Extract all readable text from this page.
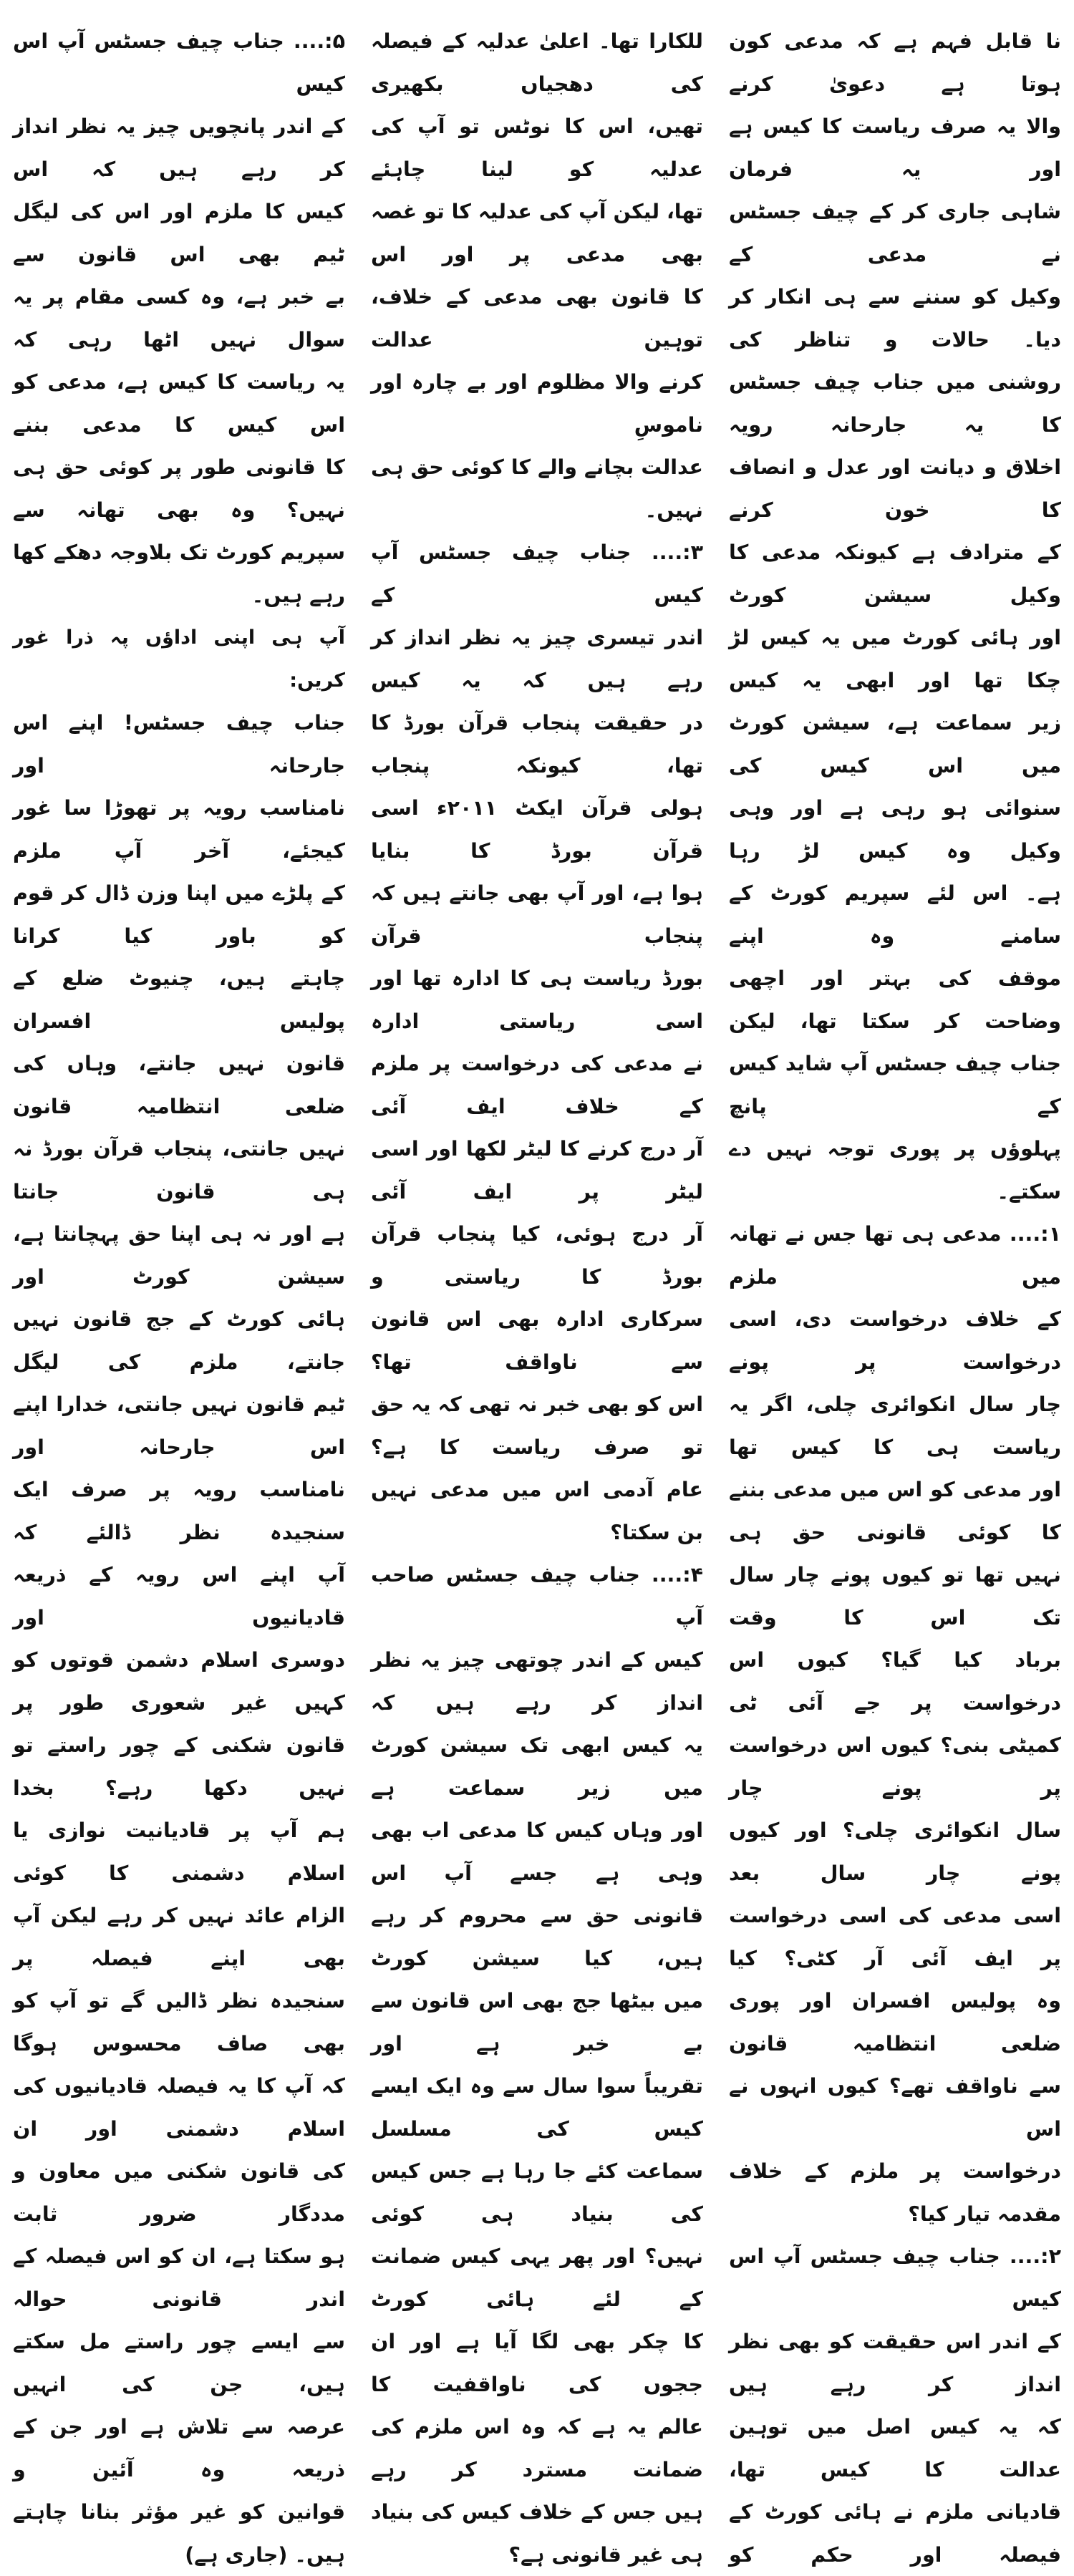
نا قابل فہم ہے کہ مدعی کون ہوتا ہے دعویٰ کرنے
والا یہ صرف ریاست کا کیس ہے اور یہ فرمان
شاہی جاری کر کے چیف جسٹس نے مدعی کے
وکیل کو سننے سے ہی انکار کر دیا۔ حالات و تناظر کی
روشنی میں جناب چیف جسٹس کا یہ جارحانہ رویہ
اخلاق و دیانت اور عدل و انصاف کا خون کرنے
کے مترادف ہے کیونکہ مدعی کا وکیل سیشن کورٹ
اور ہائی کورٹ میں یہ کیس لڑ چکا تھا اور ابھی یہ کیس
زیر سماعت ہے، سیشن کورٹ میں اس کیس کی
سنوائی ہو رہی ہے اور وہی وکیل وہ کیس لڑ رہا
ہے۔ اس لئے سپریم کورٹ کے سامنے وہ اپنے
موقف کی بہتر اور اچھی وضاحت کر سکتا تھا، لیکن
جناب چیف جسٹس آپ شاید کیس کے پانچ
پہلوؤں پر پوری توجہ نہیں دے سکتے۔
۱:.... مدعی ہی تھا جس نے تھانہ میں ملزم
کے خلاف درخواست دی، اسی درخواست پر پونے
چار سال انکوائری چلی، اگر یہ ریاست ہی کا کیس تھا
اور مدعی کو اس میں مدعی بننے کا کوئی قانونی حق ہی
نہیں تھا تو کیوں پونے چار سال تک اس کا وقت
برباد کیا گیا؟ کیوں اس درخواست پر جے آئی ٹی
کمیٹی بنی؟ کیوں اس درخواست پر پونے چار
سال انکوائری چلی؟ اور کیوں پونے چار سال بعد
اسی مدعی کی اسی درخواست پر ایف آئی آر کٹی؟ کیا
وہ پولیس افسران اور پوری ضلعی انتظامیہ قانون
سے ناواقف تھے؟ کیوں انہوں نے اس
درخواست پر ملزم کے خلاف مقدمہ تیار کیا؟
۲:.... جناب چیف جسٹس آپ اس کیس
کے اندر اس حقیقت کو بھی نظر انداز کر رہے ہیں
کہ یہ کیس اصل میں توہین عدالت کا کیس تھا،
قادیانی ملزم نے ہائی کورٹ کے فیصلہ اور حکم کو
للکارا تھا۔ اعلیٰ عدلیہ کے فیصلہ کی دھجیاں بکھیری
تھیں، اس کا نوٹس تو آپ کی عدلیہ کو لینا چاہئے
تھا، لیکن آپ کی عدلیہ کا تو غصہ بھی مدعی پر اور اس
کا قانون بھی مدعی کے خلاف، توہین عدالت
کرنے والا مظلوم اور بے چارہ اور ناموسِ
عدالت بچانے والے کا کوئی حق ہی نہیں۔
۳:.... جناب چیف جسٹس آپ کیس کے
اندر تیسری چیز یہ نظر انداز کر رہے ہیں کہ یہ کیس
در حقیقت پنجاب قرآن بورڈ کا تھا، کیونکہ پنجاب
ہولی قرآن ایکٹ ۲۰۱۱ء اسی قرآن بورڈ کا بنایا
ہوا ہے، اور آپ بھی جانتے ہیں کہ پنجاب قرآن
بورڈ ریاست ہی کا ادارہ تھا اور اسی ریاستی ادارہ
نے مدعی کی درخواست پر ملزم کے خلاف ایف آئی
آر درج کرنے کا لیٹر لکھا اور اسی لیٹر پر ایف آئی
آر درج ہوئی، کیا پنجاب قرآن بورڈ کا ریاستی و
سرکاری ادارہ بھی اس قانون سے ناواقف تھا؟
اس کو بھی خبر نہ تھی کہ یہ حق تو صرف ریاست کا ہے؟
عام آدمی اس میں مدعی نہیں بن سکتا؟
۴:.... جناب چیف جسٹس صاحب آپ
کیس کے اندر چوتھی چیز یہ نظر انداز کر رہے ہیں کہ
یہ کیس ابھی تک سیشن کورٹ میں زیر سماعت ہے
اور وہاں کیس کا مدعی اب بھی وہی ہے جسے آپ اس
قانونی حق سے محروم کر رہے ہیں، کیا سیشن کورٹ
میں بیٹھا جج بھی اس قانون سے بے خبر ہے اور
تقریباً سوا سال سے وہ ایک ایسے کیس کی مسلسل
سماعت کئے جا رہا ہے جس کیس کی بنیاد ہی کوئی
نہیں؟ اور پھر یہی کیس ضمانت کے لئے ہائی کورٹ
کا چکر بھی لگا آیا ہے اور ان ججوں کی ناواقفیت کا
عالم یہ ہے کہ وہ اس ملزم کی ضمانت مسترد کر رہے
ہیں جس کے خلاف کیس کی بنیاد ہی غیر قانونی ہے؟
۵:.... جناب چیف جسٹس آپ اس کیس
کے اندر پانچویں چیز یہ نظر انداز کر رہے ہیں کہ اس
کیس کا ملزم اور اس کی لیگل ٹیم بھی اس قانون سے
بے خبر ہے، وہ کسی مقام پر یہ سوال نہیں اٹھا رہی کہ
یہ ریاست کا کیس ہے، مدعی کو اس کیس کا مدعی بننے
کا قانونی طور پر کوئی حق ہی نہیں؟ وہ بھی تھانہ سے
سپریم کورٹ تک بلاوجہ دھکے کھا رہے ہیں۔
آپ ہی اپنی اداؤں پہ ذرا غور کریں:
جناب چیف جسٹس! اپنے اس جارحانہ اور
نامناسب رویہ پر تھوڑا سا غور کیجئے، آخر آپ ملزم
کے پلڑے میں اپنا وزن ڈال کر قوم کو باور کیا کرانا
چاہتے ہیں، چنیوٹ ضلع کے پولیس افسران
قانون نہیں جانتے، وہاں کی ضلعی انتظامیہ قانون
نہیں جانتی، پنجاب قرآن بورڈ نہ ہی قانون جانتا
ہے اور نہ ہی اپنا حق پہچانتا ہے، سیشن کورٹ اور
ہائی کورٹ کے جج قانون نہیں جانتے، ملزم کی لیگل
ٹیم قانون نہیں جانتی، خدارا اپنے اس جارحانہ اور
نامناسب رویہ پر صرف ایک سنجیدہ نظر ڈالئے کہ
آپ اپنے اس رویہ کے ذریعہ قادیانیوں اور
دوسری اسلام دشمن قوتوں کو کہیں غیر شعوری طور پر
قانون شکنی کے چور راستے تو نہیں دکھا رہے؟ بخدا
ہم آپ پر قادیانیت نوازی یا اسلام دشمنی کا کوئی
الزام عائد نہیں کر رہے لیکن آپ بھی اپنے فیصلہ پر
سنجیدہ نظر ڈالیں گے تو آپ کو بھی صاف محسوس ہوگا
کہ آپ کا یہ فیصلہ قادیانیوں کی اسلام دشمنی اور ان
کی قانون شکنی میں معاون و مددگار ضرور ثابت
ہو سکتا ہے، ان کو اس فیصلہ کے اندر قانونی حوالہ
سے ایسے چور راستے مل سکتے ہیں، جن کی انہیں
عرصہ سے تلاش ہے اور جن کے ذریعہ وہ آئین و
قوانین کو غیر مؤثر بنانا چاہتے ہیں۔ (جاری ہے)
